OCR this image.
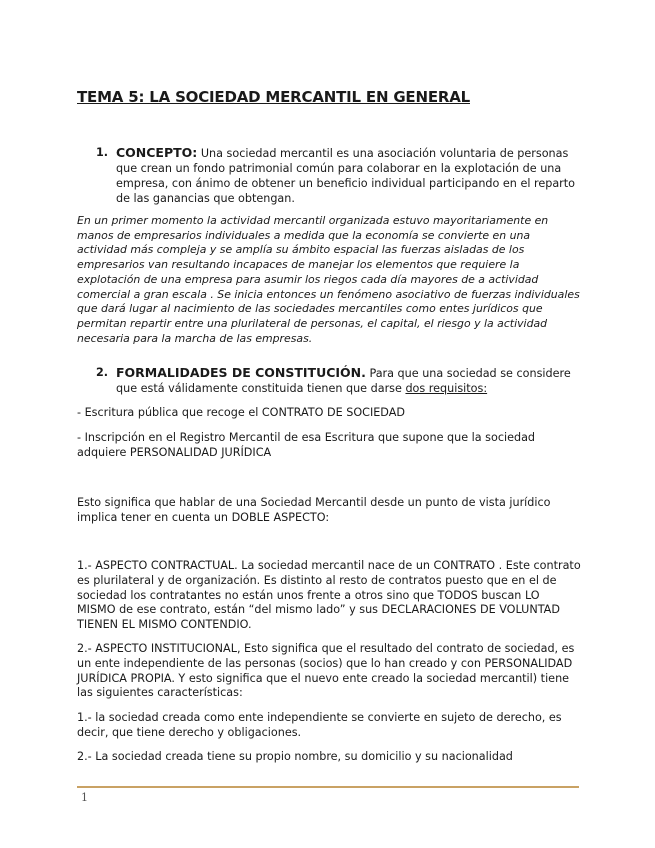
TEMA 5: LA SOCIEDAD MERCANTIL EN GENERAL
1. CONCEPTO: Una sociedad mercantil es una asociación voluntaria de personas que crean un fondo patrimonial común para colaborar en la explotación de una empresa, con ánimo de obtener un beneficio individual participando en el reparto de las ganancias que obtengan.

En un primer momento la actividad mercantil organizada estuvo mayoritariamente en manos de empresarios individuales a medida que la economía se convierte en una actividad más compleja y se amplía su ámbito espacial las fuerzas aisladas de los empresarios van resultando incapaces de manejar los elementos que requiere la explotación de una empresa para asumir los riegos cada día mayores de a actividad comercial a gran escala . Se inicia entonces un fenómeno asociativo de fuerzas individuales que dará lugar al nacimiento de las sociedades mercantiles como entes jurídicos que permitan repartir entre una plurilateral de personas, el capital, el riesgo y la actividad necesaria para la marcha de las empresas.

2. FORMALIDADES DE CONSTITUCIÓN. Para que una sociedad se considere que está válidamente constituida tienen que darse dos requisitos:

- Escritura pública que recoge el CONTRATO DE SOCIEDAD

- Inscripción en el Registro Mercantil de esa Escritura que supone que la sociedad adquiere PERSONALIDAD JURÍDICA

Esto significa que hablar de una Sociedad Mercantil desde un punto de vista jurídico implica tener en cuenta un DOBLE ASPECTO:

1.- ASPECTO CONTRACTUAL. La sociedad mercantil nace de un CONTRATO . Este contrato es plurilateral y de organización. Es distinto al resto de contratos puesto que en el de sociedad los contratantes no están unos frente a otros sino que TODOS buscan LO MISMO de ese contrato, están “del mismo lado” y sus DECLARACIONES DE VOLUNTAD TIENEN EL MISMO CONTENDIO.

2.- ASPECTO INSTITUCIONAL, Esto significa que el resultado del contrato de sociedad, es un ente independiente de las personas (socios) que lo han creado y con PERSONALIDAD JURÍDICA PROPIA. Y esto significa que el nuevo ente creado la sociedad mercantil) tiene las siguientes características:

1.- la sociedad creada como ente independiente se convierte en sujeto de derecho, es decir, que tiene derecho y obligaciones.

2.- La sociedad creada tiene su propio nombre, su domicilio y su nacionalidad

1
